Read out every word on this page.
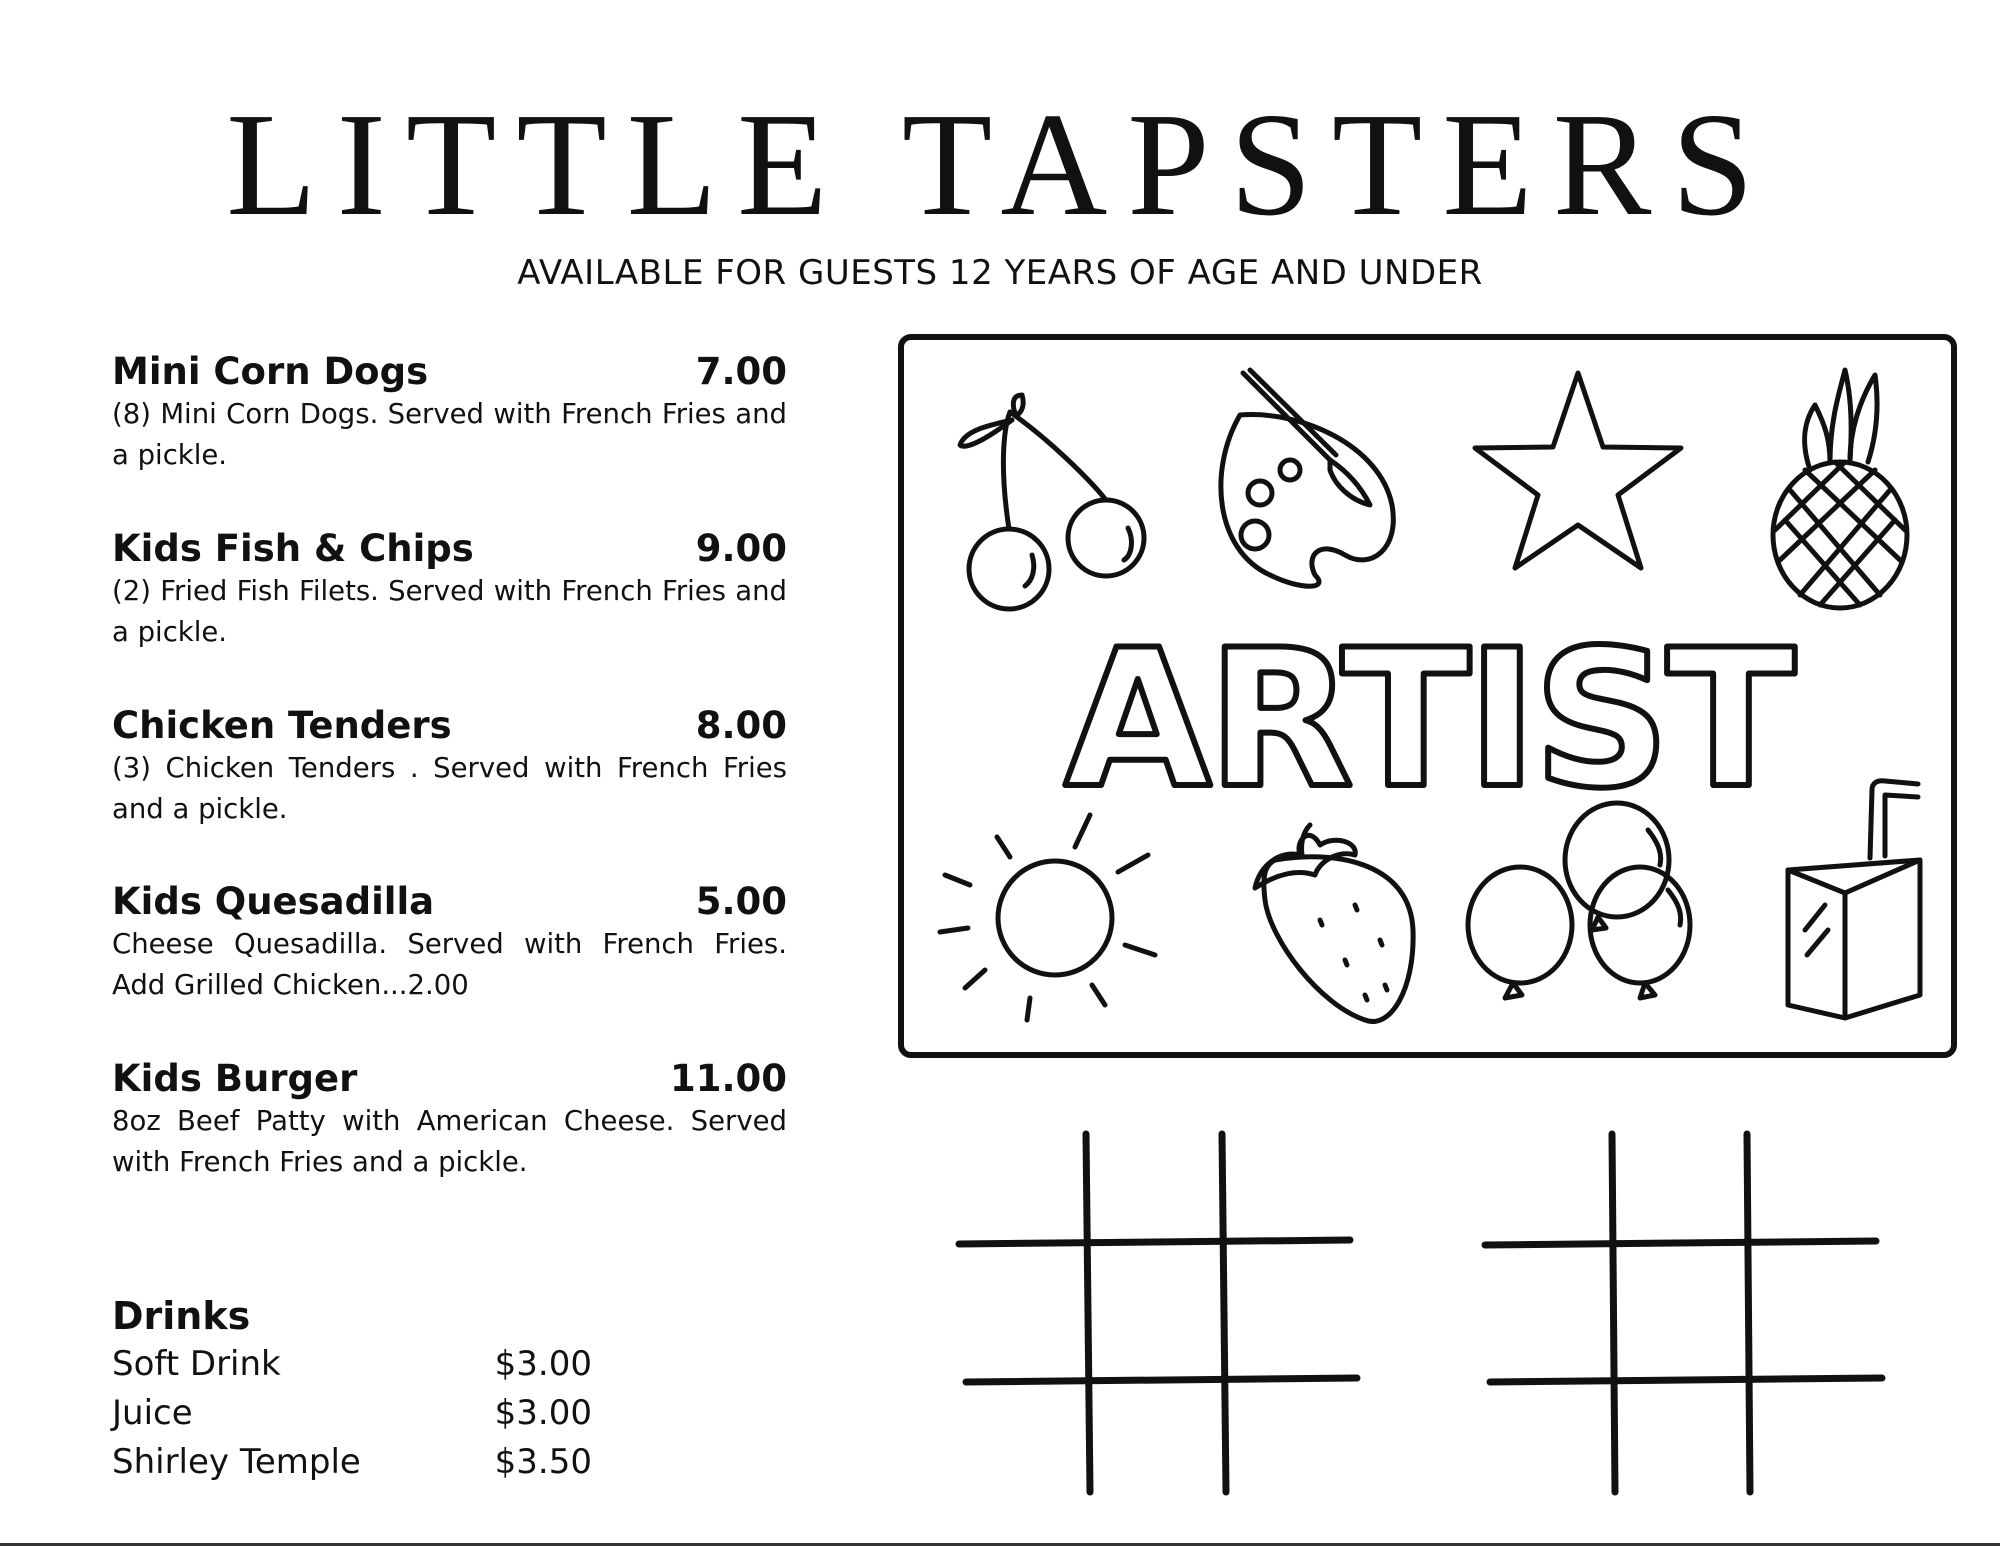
LITTLE TAPSTERS
AVAILABLE FOR GUESTS 12 YEARS OF AGE AND UNDER
Mini Corn Dogs	7.00
(8) Mini Corn Dogs. Served with French Fries and a pickle.
Kids Fish & Chips	9.00
(2) Fried Fish Filets. Served with French Fries and a pickle.
Chicken Tenders	8.00
(3) Chicken Tenders . Served with French Fries and a pickle.
Kids Quesadilla	5.00
Cheese Quesadilla. Served with French Fries. Add Grilled Chicken...2.00
Kids Burger	11.00
8oz Beef Patty with American Cheese. Served with French Fries and a pickle.
Drinks
Soft Drink	$3.00
Juice	$3.00
Shirley Temple	$3.50
ARTIST
